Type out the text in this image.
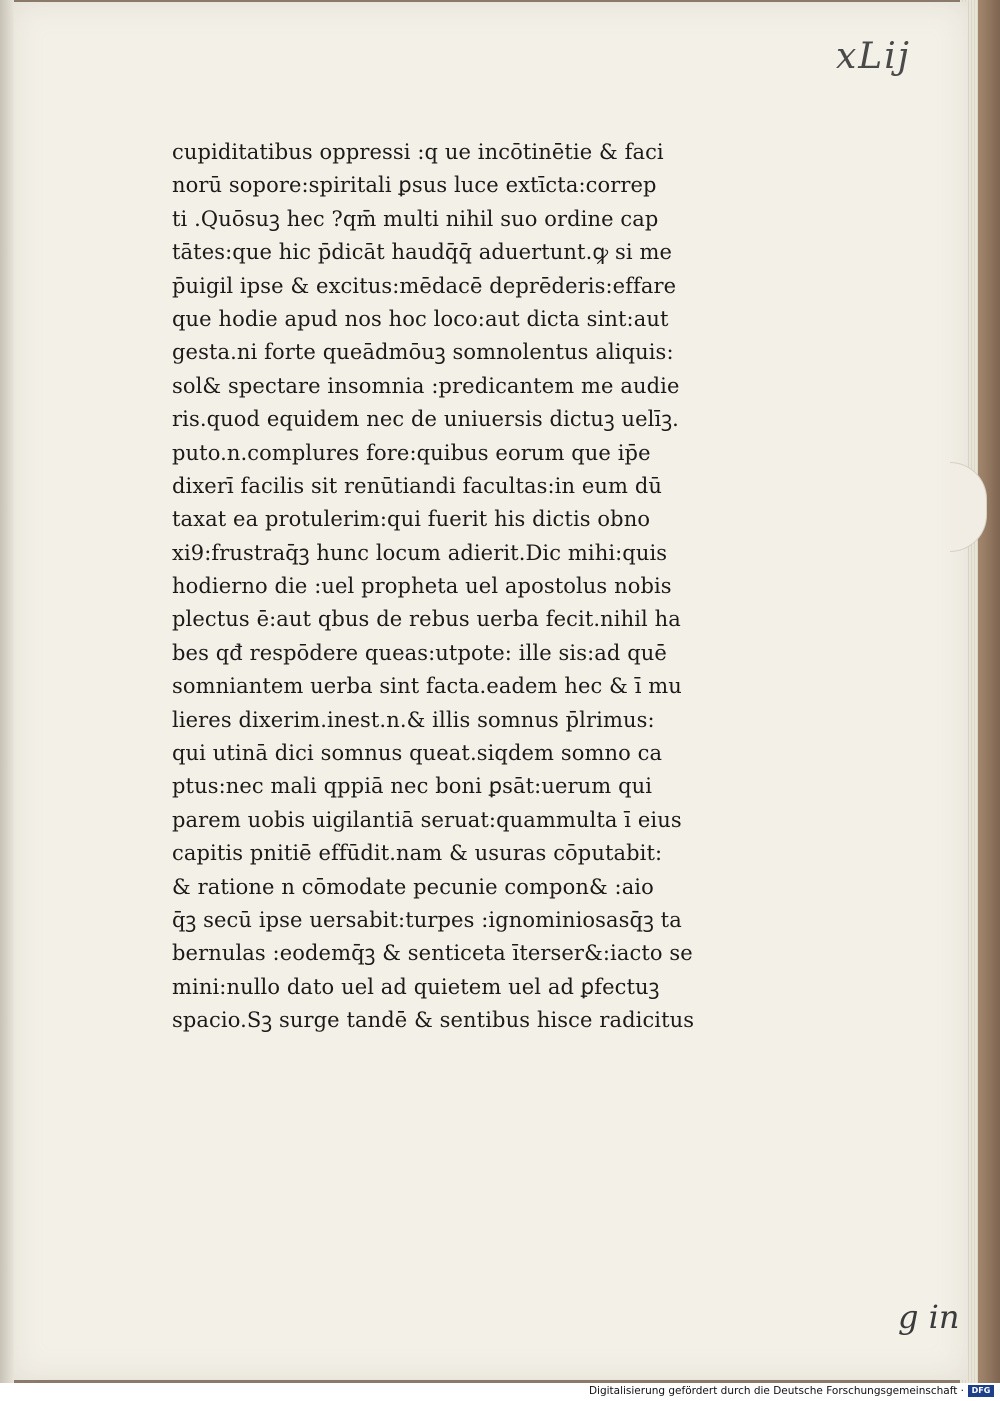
xLij
cupiditatibus oppressi :q ue incōtinētie & faci
norū sopore:spiritali ꝑsus luce extīcta:correp
ti .Quōsuꝫ hec ?qm̄ multi nihil suo ordine cap
tātes:que hic p̄dicāt haudq̄q̄ aduertunt.ꝙ si me
p̄uigil ipse & excitus:mēdacē deprēderis:effare
que hodie apud nos hoc loco:aut dicta sint:aut
gesta.ni forte queādmōuꝫ somnolentus aliquis:
sol& spectare insomnia :predicantem me audie
ris.quod equidem nec de uniuersis dictuꝫ uelīꝫ.
puto.n.complures fore:quibus eorum que ip̄e
dixerī facilis sit renūtiandi facultas:in eum dū
taxat ea protulerim:qui fuerit his dictis obno
xi9:frustraq̄ꝫ hunc locum adierit.Dic mihi:quis
hodierno die :uel propheta uel apostolus nobis
plectus ē:aut qbus de rebus uerba fecit.nihil ha
bes qđ respōdere queas:utpote: ille sis:ad quē
somniantem uerba sint facta.eadem hec & ī mu
lieres dixerim.inest.n.& illis somnus p̄lrimus:
qui utinā dici somnus queat.siqdem somno ca
ptus:nec mali qppiā nec boni ꝑsāt:uerum qui
parem uobis uigilantiā seruat:quammulta ī eius
capitis pnitiē effūdit.nam & usuras cōputabit:
& ratione n cōmodate pecunie compon& :aio
q̄ꝫ secū ipse uersabit:turpes :ignominiosasq̄ꝫ ta
bernulas :eodemq̄ꝫ & senticeta īterser&:iacto se
mini:nullo dato uel ad quietem uel ad ꝑfectuꝫ
spacio.Sꝫ surge tandē & sentibus hisce radicitus
g in
Digitalisierung gefördert durch die Deutsche Forschungsgemeinschaft · DFG
